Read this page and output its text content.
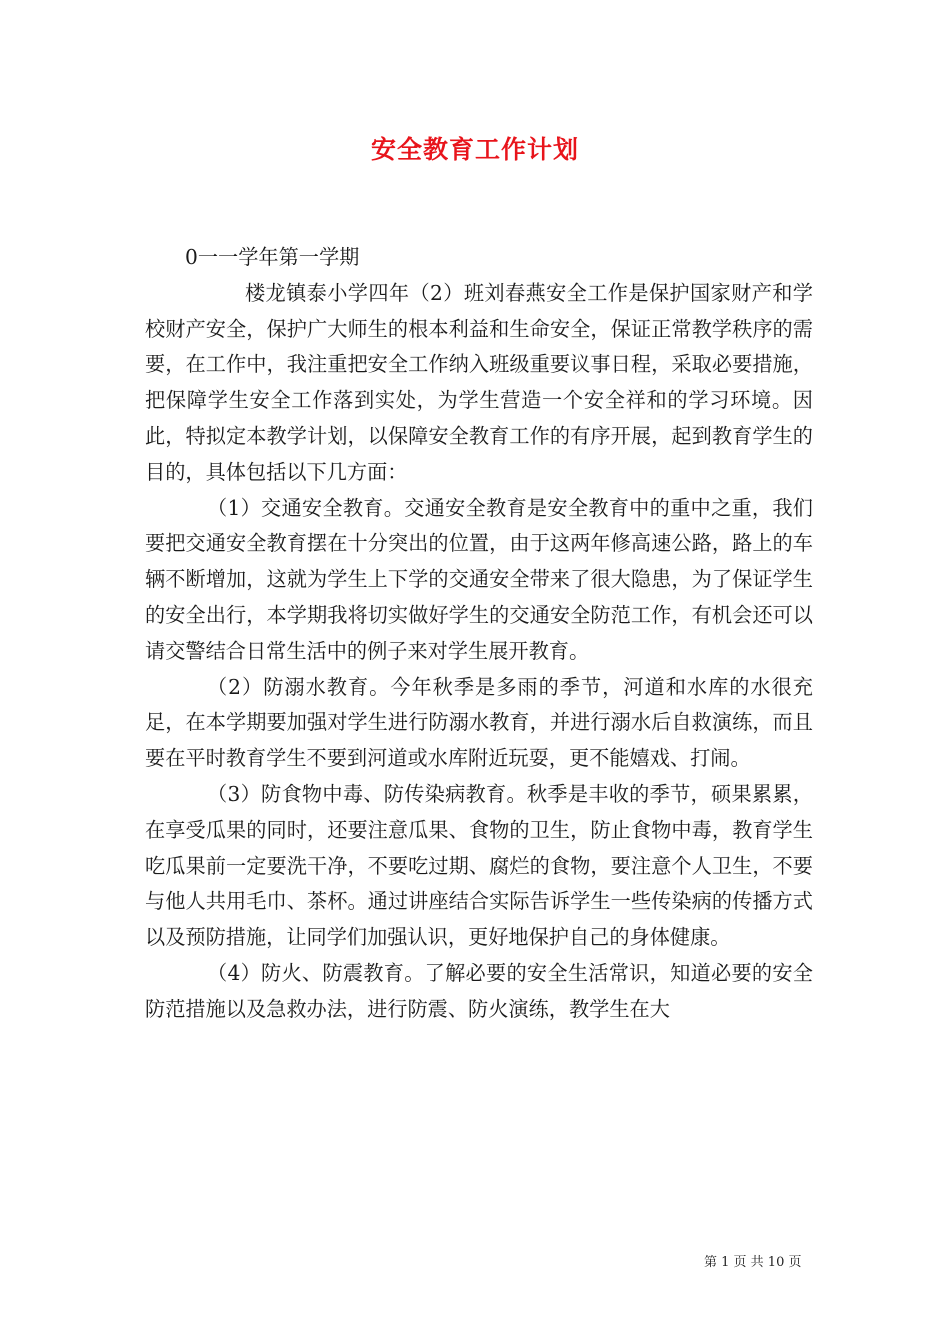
安全教育工作计划

0一一学年第一学期

楼龙镇泰小学四年（2）班刘春燕安全工作是保护国家财产和学校财产安全，保护广大师生的根本利益和生命安全，保证正常教学秩序的需要，在工作中，我注重把安全工作纳入班级重要议事日程，采取必要措施，把保障学生安全工作落到实处，为学生营造一个安全祥和的学习环境。因此，特拟定本教学计划，以保障安全教育工作的有序开展，起到教育学生的目的，具体包括以下几方面：

（1）交通安全教育。交通安全教育是安全教育中的重中之重，我们要把交通安全教育摆在十分突出的位置，由于这两年修高速公路，路上的车辆不断增加，这就为学生上下学的交通安全带来了很大隐患，为了保证学生的安全出行，本学期我将切实做好学生的交通安全防范工作，有机会还可以请交警结合日常生活中的例子来对学生展开教育。

（2）防溺水教育。今年秋季是多雨的季节，河道和水库的水很充足，在本学期要加强对学生进行防溺水教育，并进行溺水后自救演练，而且要在平时教育学生不要到河道或水库附近玩耍，更不能嬉戏、打闹。

（3）防食物中毒、防传染病教育。秋季是丰收的季节，硕果累累，在享受瓜果的同时，还要注意瓜果、食物的卫生，防止食物中毒，教育学生吃瓜果前一定要洗干净，不要吃过期、腐烂的食物，要注意个人卫生，不要与他人共用毛巾、茶杯。通过讲座结合实际告诉学生一些传染病的传播方式以及预防措施，让同学们加强认识，更好地保护自己的身体健康。

（4）防火、防震教育。了解必要的安全生活常识，知道必要的安全防范措施以及急救办法，进行防震、防火演练，教学生在大

第 1 页 共 10 页
